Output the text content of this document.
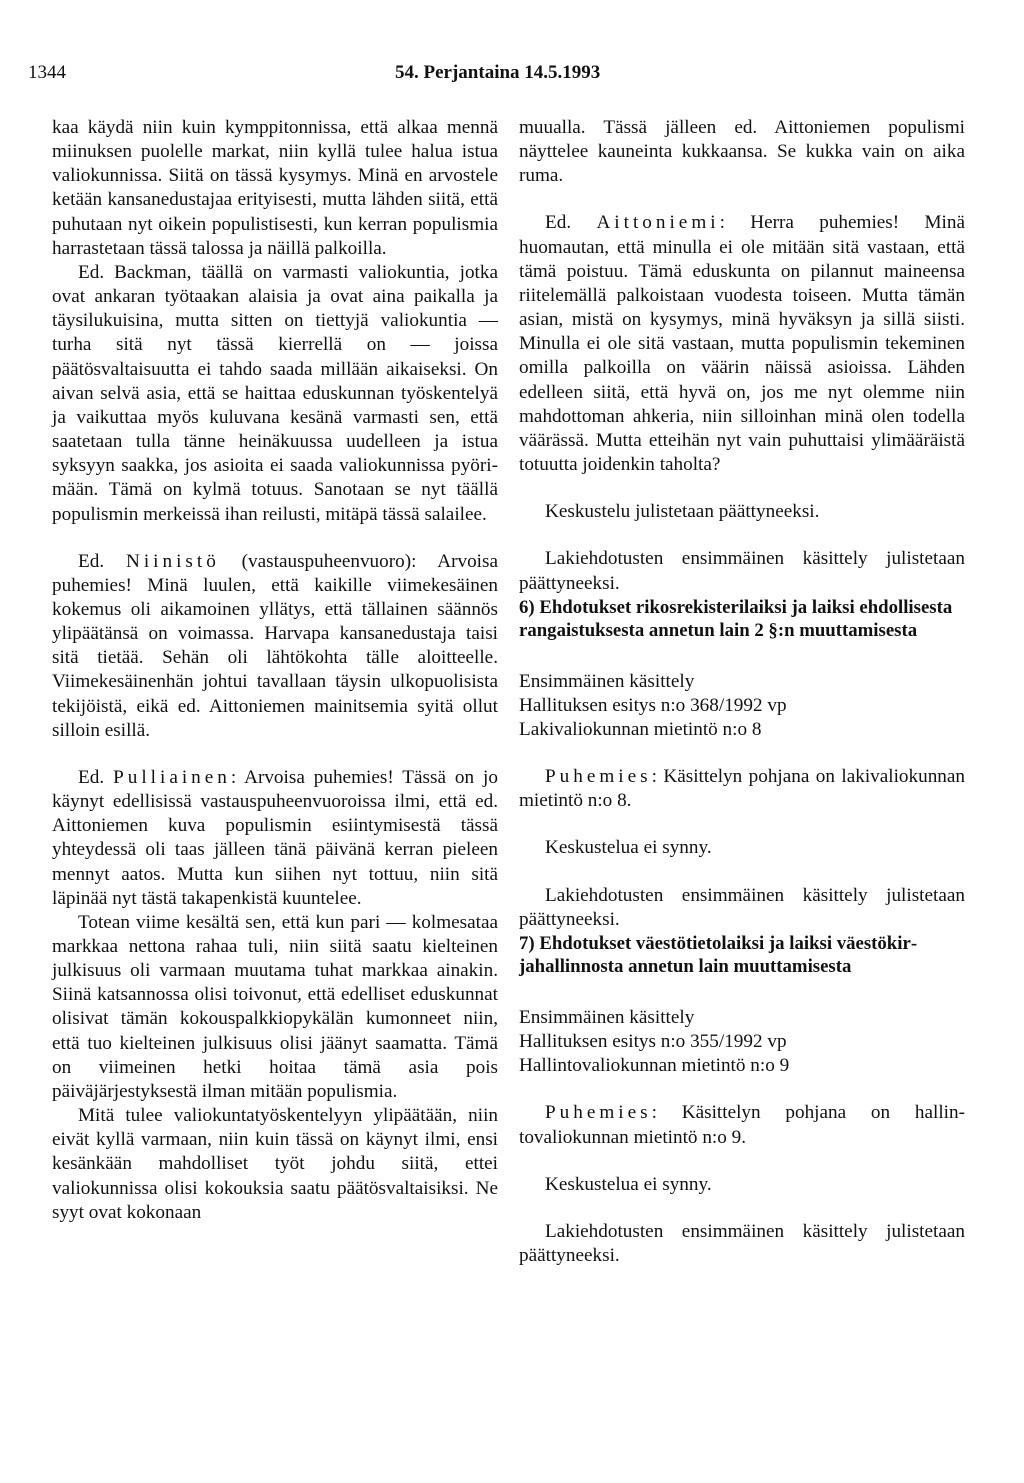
1344	54. Perjantaina 14.5.1993

kaa käydä niin kuin kymppitonnissa, että alkaa mennä miinuksen puolelle markat, niin kyllä tulee halua istua valiokunnissa. Siitä on tässä kysymys. Minä en arvostele ketään kansanedustajaa erityisesti, mutta lähden siitä, että puhutaan nyt oikein populistisesti, kun kerran populismia harrastetaan tässä talossa ja näillä palkoilla.

Ed. Backman, täällä on varmasti valiokuntia, jotka ovat ankaran työtaakan alaisia ja ovat aina paikalla ja täysilukuisina, mutta sitten on tiettyjä valiokuntia — turha sitä nyt tässä kierrellä on — joissa päätösvaltaisuutta ei tahdo saada millään aikaiseksi. On aivan selvä asia, että se haittaa eduskunnan työskentelyä ja vaikuttaa myös kuluvana kesänä varmasti sen, että saatetaan tulla tänne heinäkuussa uudelleen ja istua syksyyn saakka, jos asioita ei saada valiokunnissa pyörimään. Tämä on kylmä totuus. Sanotaan se nyt täällä populismin merkeissä ihan reilusti, mitäpä tässä salailee.

Ed. Niinistö (vastauspuheenvuoro): Arvoisa puhemies! Minä luulen, että kaikille viimekesäinen kokemus oli aikamoinen yllätys, että tällainen säännös ylipäätänsä on voimassa. Harvapa kansanedustaja taisi sitä tietää. Sehän oli lähtökohta tälle aloitteelle. Viimekesäinenhän johtui tavallaan täysin ulkopuolisista tekijöistä, eikä ed. Aittoniemen mainitsemia syitä ollut silloin esillä.

Ed. Pulliainen: Arvoisa puhemies! Tässä on jo käynyt edellisissä vastauspuheenvuoroissa ilmi, että ed. Aittoniemen kuva populismin esiintymisestä tässä yhteydessä oli taas jälleen tänä päivänä kerran pieleen mennyt aatos. Mutta kun siihen nyt tottuu, niin sitä läpinää nyt tästä takapenkistä kuuntelee.

Totean viime kesältä sen, että kun pari — kolmesataa markkaa nettona rahaa tuli, niin siitä saatu kielteinen julkisuus oli varmaan muutama tuhat markkaa ainakin. Siinä katsannossa olisi toivonut, että edelliset eduskunnat olisivat tämän kokouspalkkiopykälän kumonneet niin, että tuo kielteinen julkisuus olisi jäänyt saamatta. Tämä on viimeinen hetki hoitaa tämä asia pois päiväjärjestyksestä ilman mitään populismia.

Mitä tulee valiokuntatyöskentelyyn ylipäätään, niin eivät kyllä varmaan, niin kuin tässä on käynyt ilmi, ensi kesänkään mahdolliset työt johdu siitä, ettei valiokunnissa olisi kokouksia saatu päätösvaltaisiksi. Ne syyt ovat kokonaan

muualla. Tässä jälleen ed. Aittoniemen populismi näyttelee kauneinta kukkaansa. Se kukka vain on aika ruma.

Ed. Aittoniemi: Herra puhemies! Minä huomautan, että minulla ei ole mitään sitä vastaan, että tämä poistuu. Tämä eduskunta on pilannut maineensa riitelemällä palkoistaan vuodesta toiseen. Mutta tämän asian, mistä on kysymys, minä hyväksyn ja sillä siisti. Minulla ei ole sitä vastaan, mutta populismin tekeminen omilla palkoilla on väärin näissä asioissa. Lähden edelleen siitä, että hyvä on, jos me nyt olemme niin mahdottoman ahkeria, niin silloinhan minä olen todella väärässä. Mutta etteihän nyt vain puhuttaisi ylimääräistä totuutta joidenkin taholta?

Keskustelu julistetaan päättyneeksi.

Lakiehdotusten ensimmäinen käsittely julistetaan päättyneeksi.

6) Ehdotukset rikosrekisterilaiksi ja laiksi ehdollisesta rangaistuksesta annetun lain 2 §:n muuttamisesta

Ensimmäinen käsittely
Hallituksen esitys n:o 368/1992 vp
Lakivaliokunnan mietintö n:o 8

Puhemies: Käsittelyn pohjana on lakivaliokunnan mietintö n:o 8.

Keskustelua ei synny.

Lakiehdotusten ensimmäinen käsittely julistetaan päättyneeksi.

7) Ehdotukset väestötietolaiksi ja laiksi väestökirjahallinnosta annetun lain muuttamisesta

Ensimmäinen käsittely
Hallituksen esitys n:o 355/1992 vp
Hallintovaliokunnan mietintö n:o 9

Puhemies: Käsittelyn pohjana on hallintovaliokunnan mietintö n:o 9.

Keskustelua ei synny.

Lakiehdotusten ensimmäinen käsittely julistetaan päättyneeksi.
